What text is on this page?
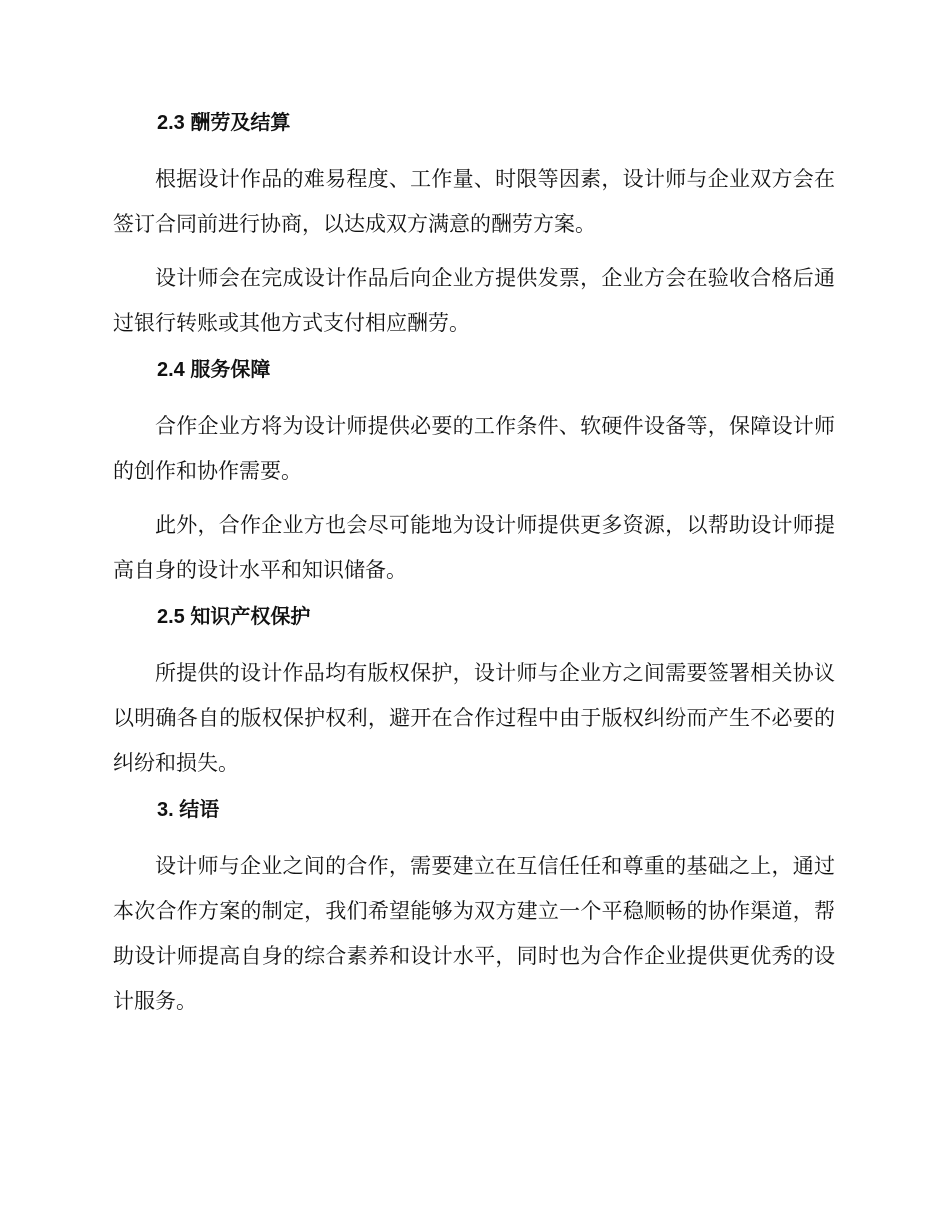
2.3 酬劳及结算

根据设计作品的难易程度、工作量、时限等因素，设计师与企业双方会在签订合同前进行协商，以达成双方满意的酬劳方案。

设计师会在完成设计作品后向企业方提供发票，企业方会在验收合格后通过银行转账或其他方式支付相应酬劳。

2.4 服务保障

合作企业方将为设计师提供必要的工作条件、软硬件设备等，保障设计师的创作和协作需要。

此外，合作企业方也会尽可能地为设计师提供更多资源，以帮助设计师提高自身的设计水平和知识储备。

2.5 知识产权保护

所提供的设计作品均有版权保护，设计师与企业方之间需要签署相关协议以明确各自的版权保护权利，避开在合作过程中由于版权纠纷而产生不必要的纠纷和损失。

3. 结语

设计师与企业之间的合作，需要建立在互信任任和尊重的基础之上，通过本次合作方案的制定，我们希望能够为双方建立一个平稳顺畅的协作渠道，帮助设计师提高自身的综合素养和设计水平，同时也为合作企业提供更优秀的设计服务。
